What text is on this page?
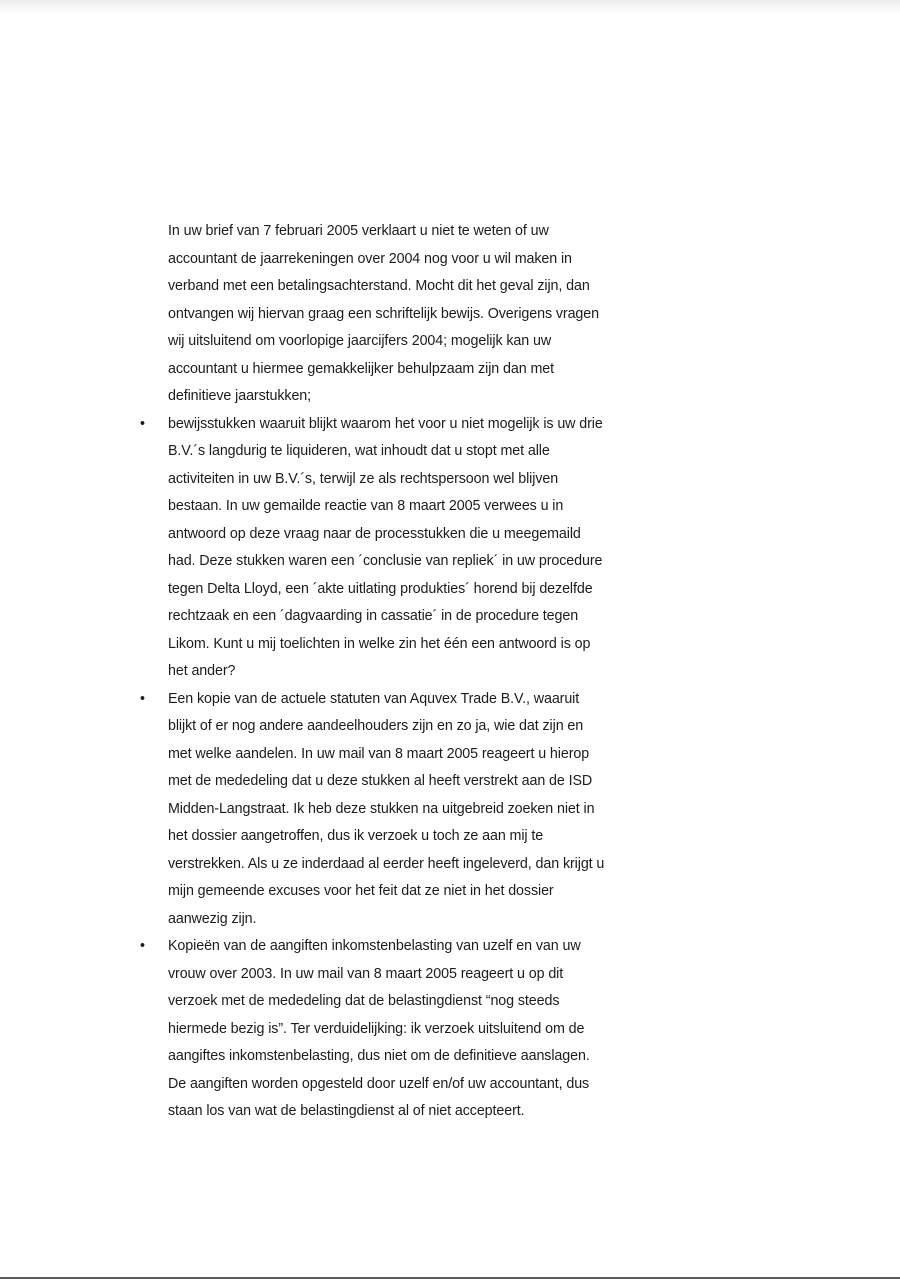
In uw brief van 7 februari 2005 verklaart u niet te weten of uw
accountant de jaarrekeningen over 2004 nog voor u wil maken in
verband met een betalingsachterstand. Mocht dit het geval zijn, dan
ontvangen wij hiervan graag een schriftelijk bewijs. Overigens vragen
wij uitsluitend om voorlopige jaarcijfers 2004; mogelijk kan uw
accountant u hiermee gemakkelijker behulpzaam zijn dan met
definitieve jaarstukken;

• bewijsstukken waaruit blijkt waarom het voor u niet mogelijk is uw drie
B.V.´s langdurig te liquideren, wat inhoudt dat u stopt met alle
activiteiten in uw B.V.´s, terwijl ze als rechtspersoon wel blijven
bestaan. In uw gemailde reactie van 8 maart 2005 verwees u in
antwoord op deze vraag naar de processtukken die u meegemaild
had. Deze stukken waren een ´conclusie van repliek´ in uw procedure
tegen Delta Lloyd, een ´akte uitlating produkties´ horend bij dezelfde
rechtzaak en een ´dagvaarding in cassatie´ in de procedure tegen
Likom. Kunt u mij toelichten in welke zin het één een antwoord is op
het ander?

• Een kopie van de actuele statuten van Aquvex Trade B.V., waaruit
blijkt of er nog andere aandeelhouders zijn en zo ja, wie dat zijn en
met welke aandelen. In uw mail van 8 maart 2005 reageert u hierop
met de mededeling dat u deze stukken al heeft verstrekt aan de ISD
Midden-Langstraat. Ik heb deze stukken na uitgebreid zoeken niet in
het dossier aangetroffen, dus ik verzoek u toch ze aan mij te
verstrekken. Als u ze inderdaad al eerder heeft ingeleverd, dan krijgt u
mijn gemeende excuses voor het feit dat ze niet in het dossier
aanwezig zijn.

• Kopieën van de aangiften inkomstenbelasting van uzelf en van uw
vrouw over 2003. In uw mail van 8 maart 2005 reageert u op dit
verzoek met de mededeling dat de belastingdienst “nog steeds
hiermede bezig is”. Ter verduidelijking: ik verzoek uitsluitend om de
aangiftes inkomstenbelasting, dus niet om de definitieve aanslagen.
De aangiften worden opgesteld door uzelf en/of uw accountant, dus
staan los van wat de belastingdienst al of niet accepteert.
